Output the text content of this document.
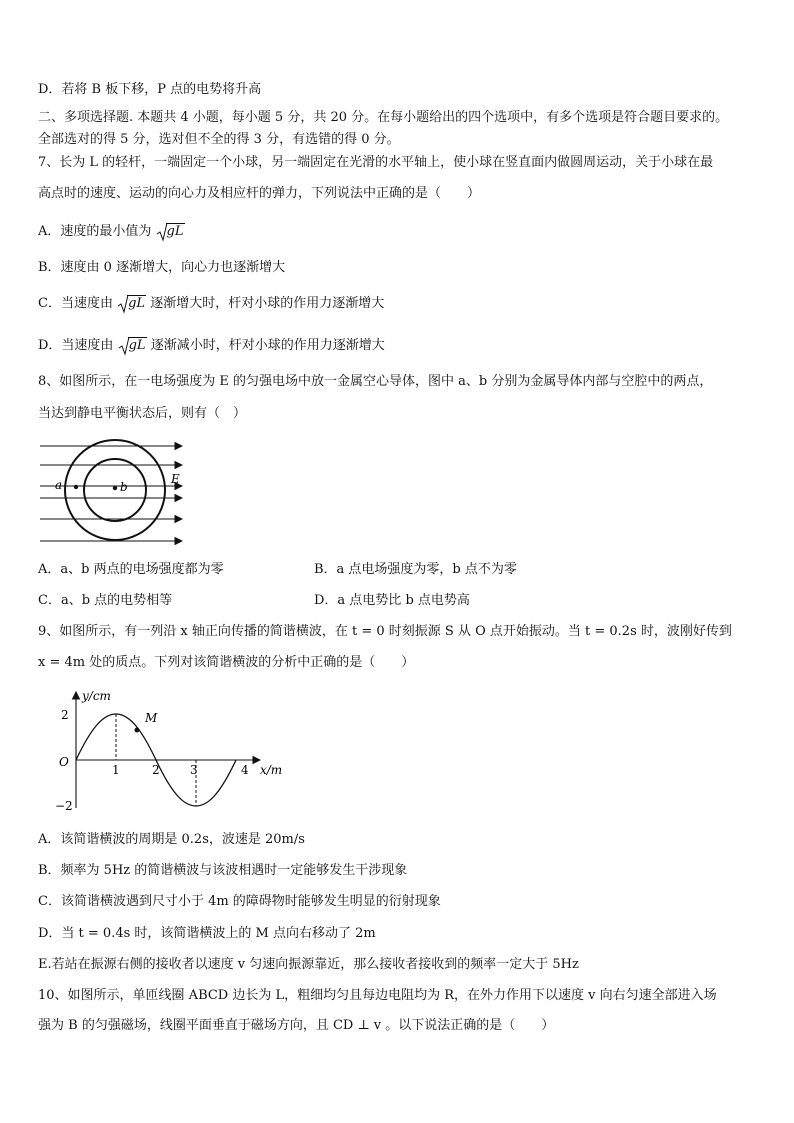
D．若将 B 板下移，P 点的电势将升高
二、多项选择题. 本题共 4 小题，每小题 5 分，共 20 分。在每小题给出的四个选项中，有多个选项是符合题目要求的。
全部选对的得 5 分，选对但不全的得 3 分，有选错的得 0 分。
7、长为 L 的轻杆，一端固定一个小球，另一端固定在光滑的水平轴上，使小球在竖直面内做圆周运动，关于小球在最
高点时的速度、运动的向心力及相应杆的弹力，下列说法中正确的是（　　）
A．速度的最小值为 gL
B．速度由 0 逐渐增大，向心力也逐渐增大
C．当速度由 gL 逐渐增大时，杆对小球的作用力逐渐增大
D．当速度由 gL 逐渐减小时，杆对小球的作用力逐渐增大
8、如图所示，在一电场强度为 E 的匀强电场中放一金属空心导体，图中 a、b 分别为金属导体内部与空腔中的两点，
当达到静电平衡状态后，则有（　）
a	b
E
A．a、b 两点的电场强度都为零	B．a 点电场强度为零，b 点不为零
C．a、b 点的电势相等	D．a 点电势比 b 点电势高
9、如图所示，有一列沿 x 轴正向传播的简谐横波，在 t = 0 时刻振源 S 从 O 点开始振动。当 t = 0.2s 时，波刚好传到
x = 4m 处的质点。下列对该简谐横波的分析中正确的是（　　）
M
y/cm
x/m
O
1	2	3	4
2
−2
A．该简谐横波的周期是 0.2s，波速是 20m/s
B．频率为 5Hz 的简谐横波与该波相遇时一定能够发生干涉现象
C．该简谐横波遇到尺寸小于 4m 的障碍物时能够发生明显的衍射现象
D．当 t = 0.4s 时，该简谐横波上的 M 点向右移动了 2m
E.若站在振源右侧的接收者以速度 v 匀速向振源靠近，那么接收者接收到的频率一定大于 5Hz
10、如图所示，单匝线圈 ABCD 边长为 L，粗细均匀且每边电阻均为 R，在外力作用下以速度 v 向右匀速全部进入场
强为 B 的匀强磁场，线圈平面垂直于磁场方向，且 CD ⊥ v 。以下说法正确的是（　　）
